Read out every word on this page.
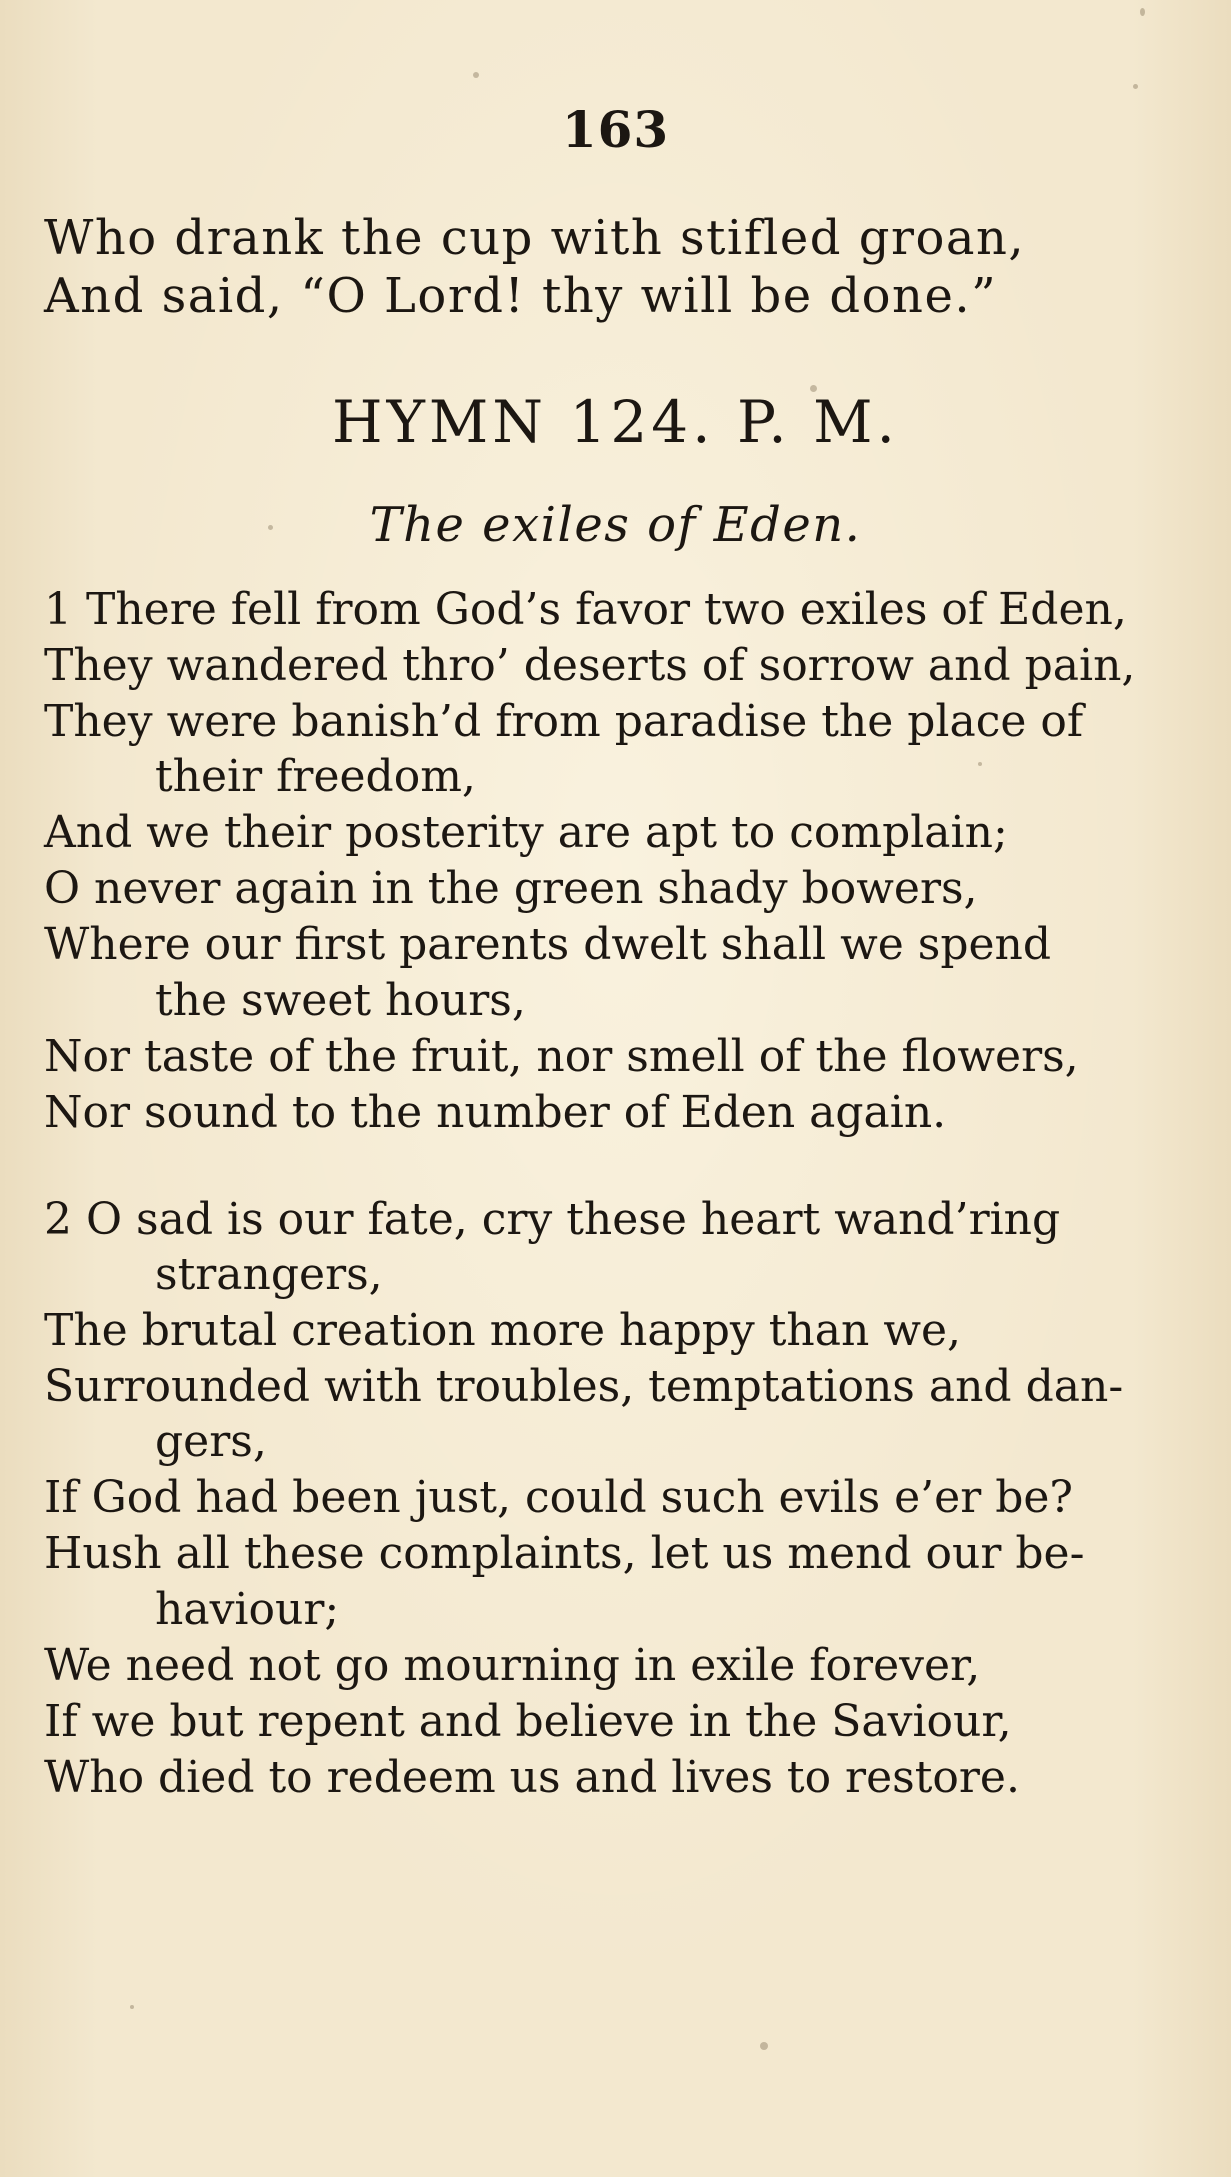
163
Who drank the cup with stifled groan,
And said, “O Lord! thy will be done.”
HYMN 124. P. M.
The exiles of Eden.
1 There fell from God’s favor two exiles of Eden,
They wandered thro’ deserts of sorrow and pain,
They were banish’d from paradise the place of
their freedom,
And we their posterity are apt to complain;
O never again in the green shady bowers,
Where our first parents dwelt shall we spend
the sweet hours,
Nor taste of the fruit, nor smell of the flowers,
Nor sound to the number of Eden again.
2 O sad is our fate, cry these heart wand’ring
strangers,
The brutal creation more happy than we,
Surrounded with troubles, temptations and dan-
gers,
If God had been just, could such evils e’er be?
Hush all these complaints, let us mend our be-
haviour;
We need not go mourning in exile forever,
If we but repent and believe in the Saviour,
Who died to redeem us and lives to restore.
